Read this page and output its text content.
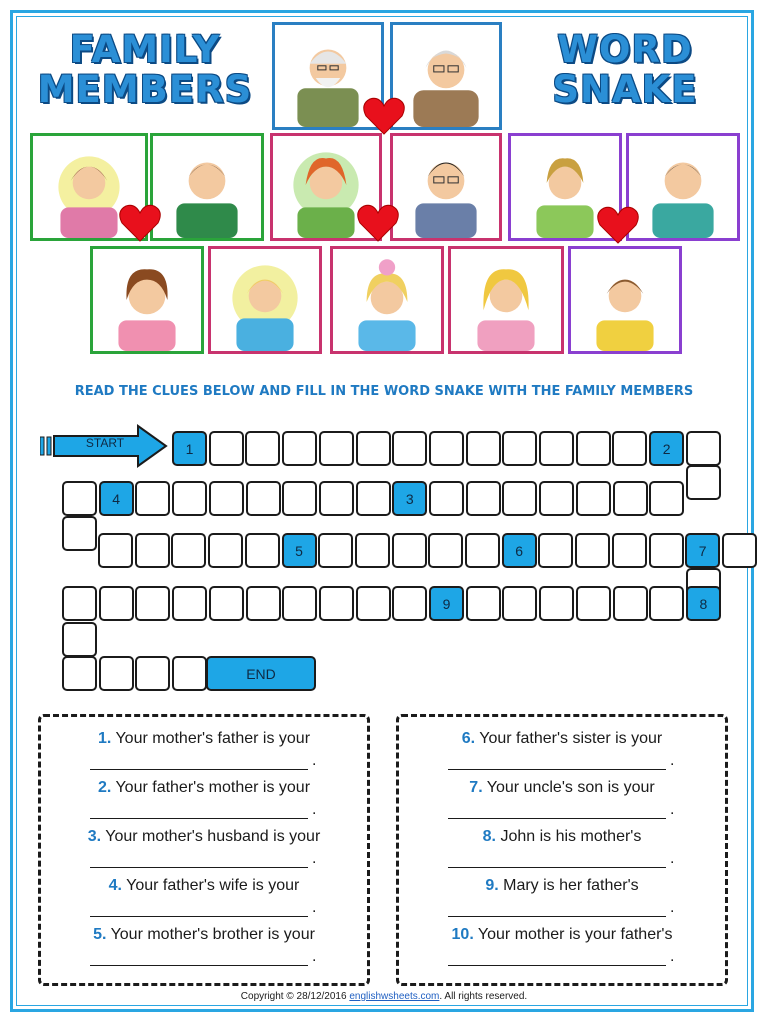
FAMILY
MEMBERS
WORD
SNAKE
READ THE CLUES BELOW AND FILL IN THE WORD SNAKE WITH THE FAMILY MEMBERS
START	1	2
4	3
5	6	7
9	8
END
1. Your mother's father is your
.
2. Your father's mother is your
.
3. Your mother's husband is your
.
4. Your father's wife is your
.
5. Your mother's brother is your
.
6. Your father's sister is your
.
7. Your uncle's son is your
.
8. John is his mother's
.
9. Mary is her father's
.
10. Your mother is your father's
.
Copyright © 28/12/2016 englishwsheets.com. All rights reserved.
